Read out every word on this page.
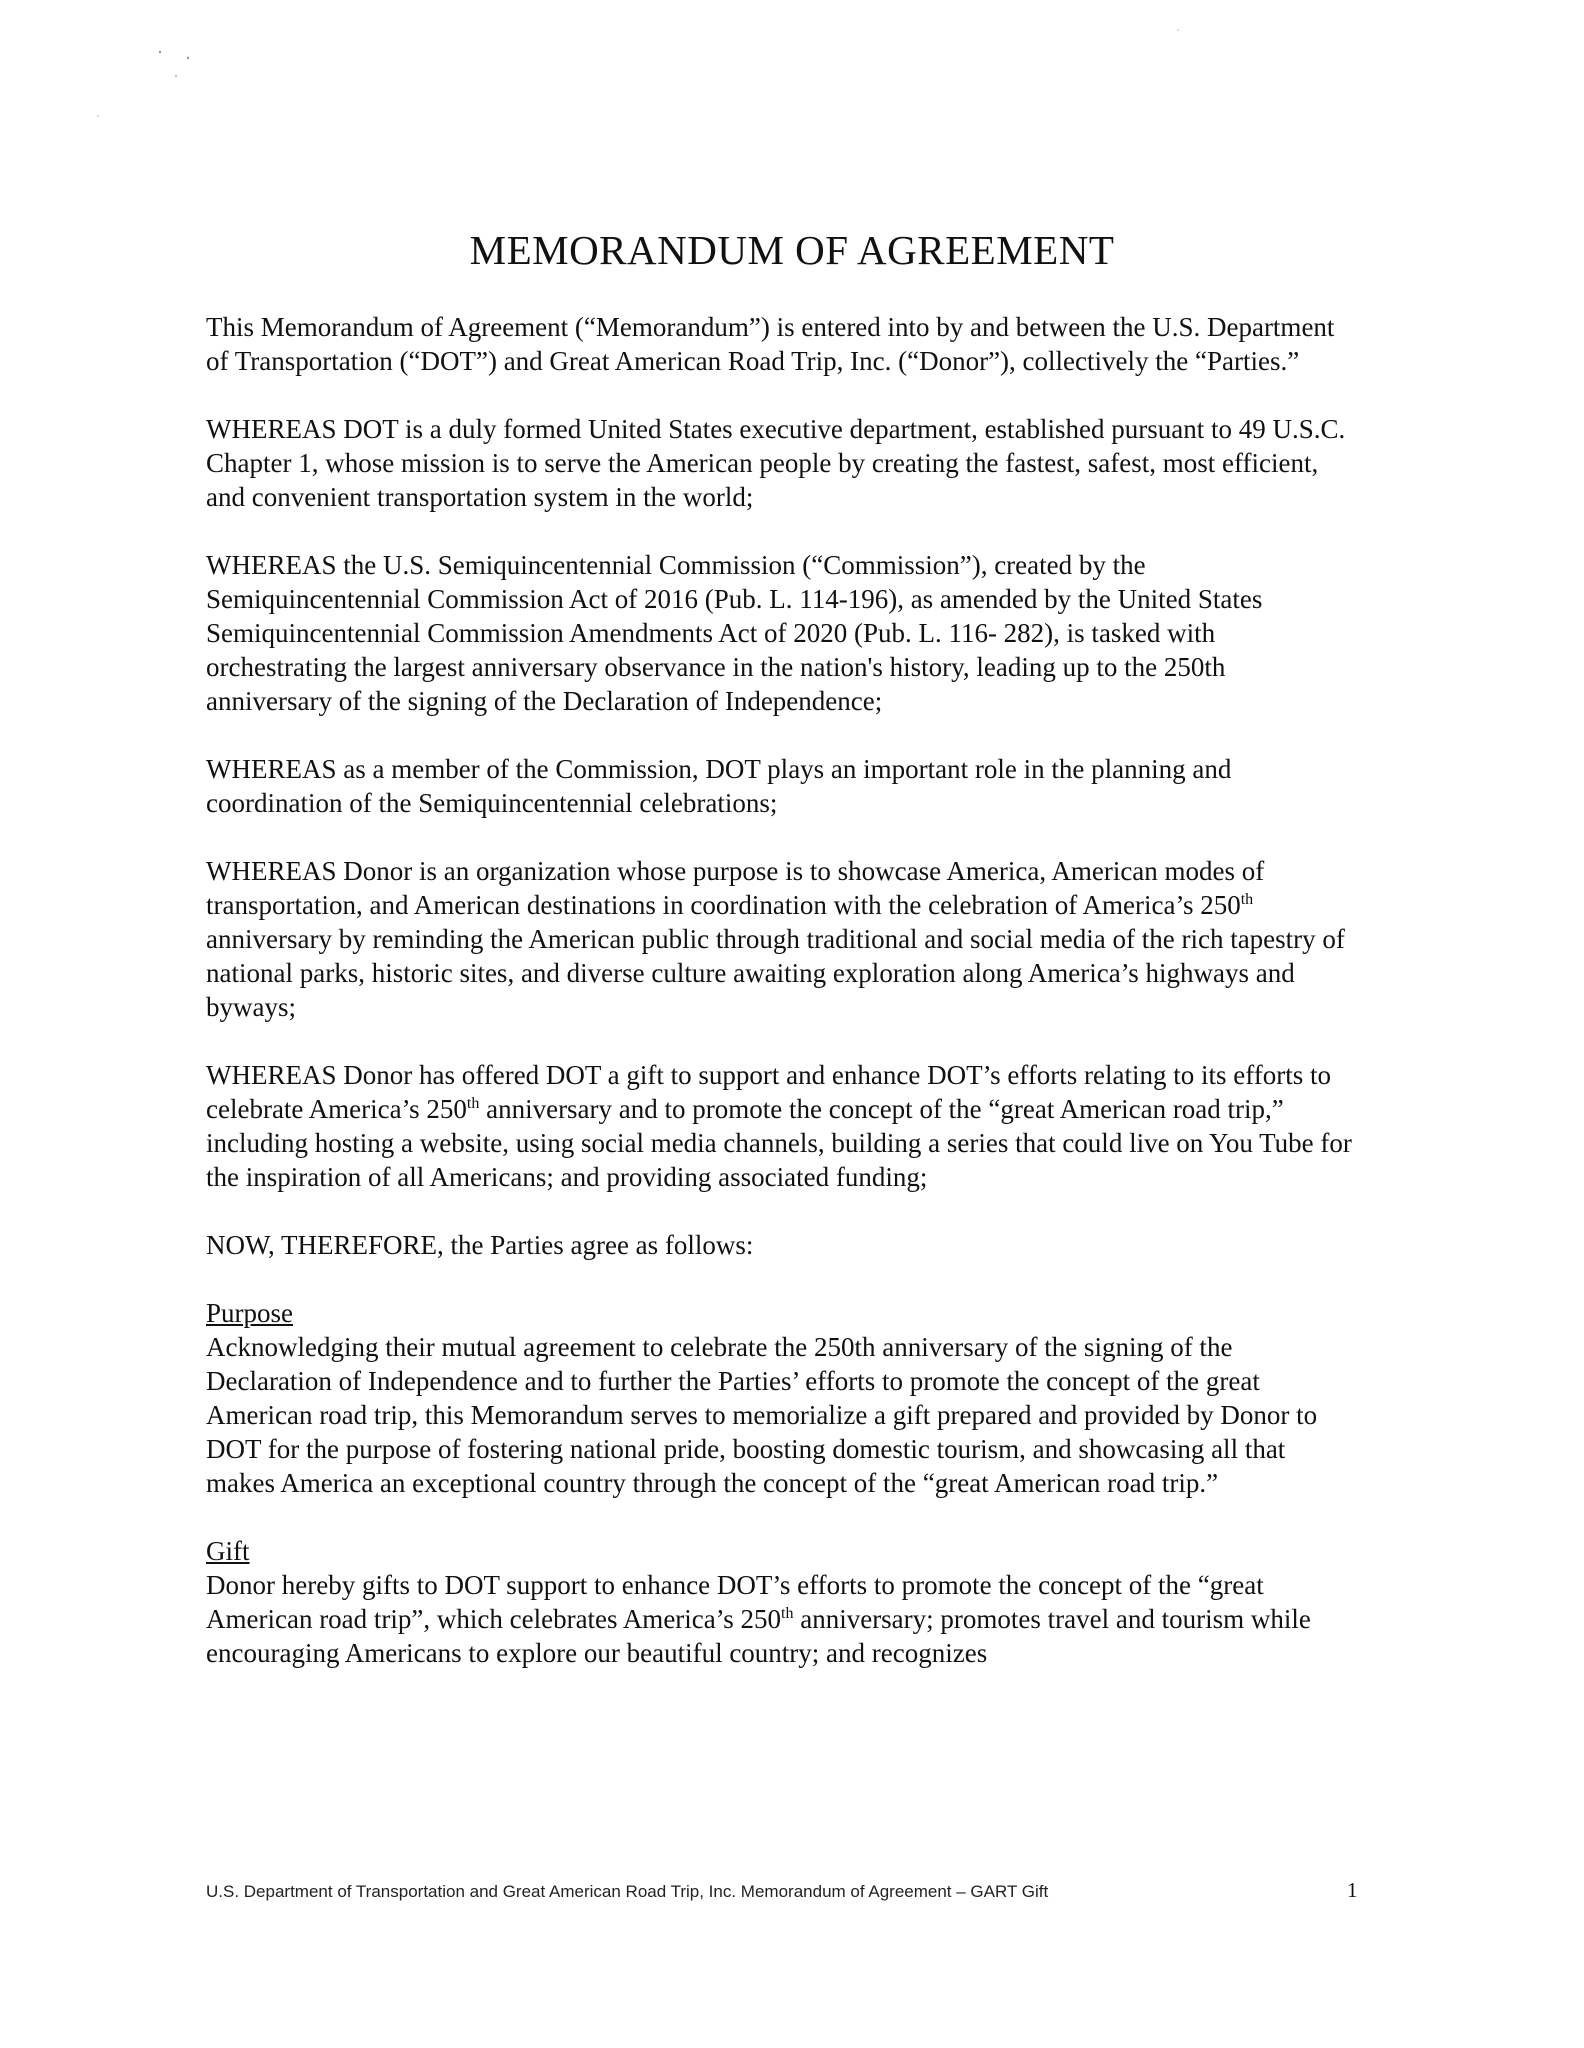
MEMORANDUM OF AGREEMENT

This Memorandum of Agreement (“Memorandum”) is entered into by and between the U.S. Department of Transportation (“DOT”) and Great American Road Trip, Inc. (“Donor”), collectively the “Parties.”

WHEREAS DOT is a duly formed United States executive department, established pursuant to 49 U.S.C. Chapter 1, whose mission is to serve the American people by creating the fastest, safest, most efficient, and convenient transportation system in the world;

WHEREAS the U.S. Semiquincentennial Commission (“Commission”), created by the Semiquincentennial Commission Act of 2016 (Pub. L. 114-196), as amended by the United States Semiquincentennial Commission Amendments Act of 2020 (Pub. L. 116- 282), is tasked with orchestrating the largest anniversary observance in the nation's history, leading up to the 250th anniversary of the signing of the Declaration of Independence;

WHEREAS as a member of the Commission, DOT plays an important role in the planning and coordination of the Semiquincentennial celebrations;

WHEREAS Donor is an organization whose purpose is to showcase America, American modes of transportation, and American destinations in coordination with the celebration of America’s 250th anniversary by reminding the American public through traditional and social media of the rich tapestry of national parks, historic sites, and diverse culture awaiting exploration along America’s highways and byways;

WHEREAS Donor has offered DOT a gift to support and enhance DOT’s efforts relating to its efforts to celebrate America’s 250th anniversary and to promote the concept of the “great American road trip,” including hosting a website, using social media channels, building a series that could live on You Tube for the inspiration of all Americans; and providing associated funding;

NOW, THEREFORE, the Parties agree as follows:

Purpose

Acknowledging their mutual agreement to celebrate the 250th anniversary of the signing of the Declaration of Independence and to further the Parties’ efforts to promote the concept of the great American road trip, this Memorandum serves to memorialize a gift prepared and provided by Donor to DOT for the purpose of fostering national pride, boosting domestic tourism, and showcasing all that makes America an exceptional country through the concept of the “great American road trip.”

Gift

Donor hereby gifts to DOT support to enhance DOT’s efforts to promote the concept of the “great American road trip”, which celebrates America’s 250th anniversary; promotes travel and tourism while encouraging Americans to explore our beautiful country; and recognizes

U.S. Department of Transportation and Great American Road Trip, Inc. Memorandum of Agreement – GART Gift	1
